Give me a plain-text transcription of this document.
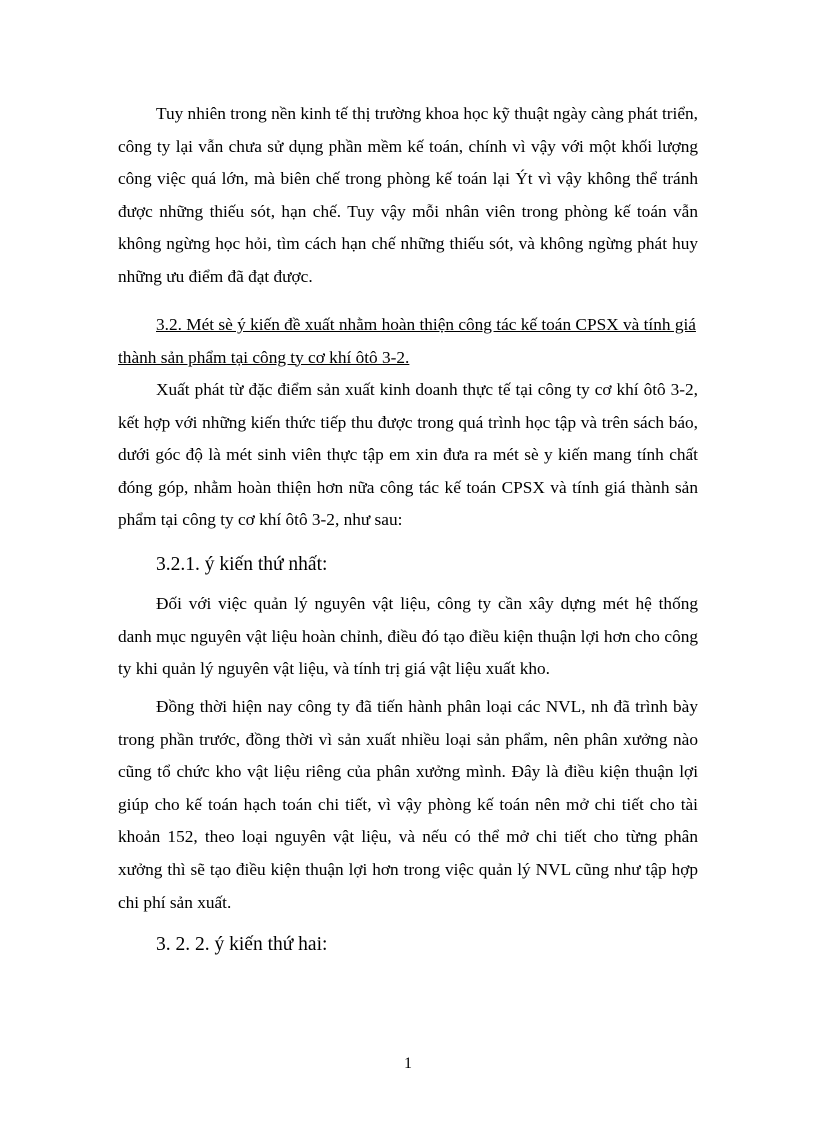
Tuy nhiên trong nền kinh tế thị trường khoa học kỹ thuật ngày càng phát triển, công ty lại vẫn chưa sử dụng phần mềm kế toán, chính vì vậy với một khối lượng công việc quá lớn, mà biên chế trong phòng kế toán lại Ýt vì vậy không thể tránh được những thiếu sót, hạn chế. Tuy vậy mỗi nhân viên trong phòng kế toán vẫn không ngừng học hỏi, tìm cách hạn chế những thiếu sót, và không ngừng phát huy những ưu điểm đã đạt được.

3.2. Mét sè ý kiến đề xuất nhằm hoàn thiện công tác kế toán CPSX và tính giá thành sản phẩm tại công ty cơ khí ôtô 3-2.

Xuất phát từ đặc điểm sản xuất kinh doanh thực tế tại công ty cơ khí ôtô 3-2, kết hợp với những kiến thức tiếp thu được trong quá trình học tập và trên sách báo, dưới góc độ là mét sinh viên thực tập em xin đưa ra mét sè y kiến mang tính chất đóng góp, nhằm hoàn thiện hơn nữa công tác kế toán CPSX và tính giá thành sản phẩm tại công ty cơ khí ôtô 3-2, như sau:

3.2.1. ý kiến thứ nhất:

Đối với việc quản lý nguyên vật liệu, công ty cần xây dựng mét hệ thống danh mục nguyên vật liệu hoàn chỉnh, điều đó tạo điều kiện thuận lợi hơn cho công ty khi quản lý nguyên vật liệu, và tính trị giá vật liệu xuất kho.

Đồng thời hiện nay công ty đã tiến hành phân loại các NVL, nh đã trình bày trong phần trước, đồng thời vì sản xuất nhiều loại sản phẩm, nên phân xưởng nào cũng tổ chức kho vật liệu riêng của phân xưởng mình. Đây là điều kiện thuận lợi giúp cho kế toán hạch toán chi tiết, vì vậy phòng kế toán nên mở chi tiết cho tài khoản 152, theo loại nguyên vật liệu, và nếu có thể mở chi tiết cho từng phân xưởng thì sẽ tạo điều kiện thuận lợi hơn trong việc quản lý NVL cũng như tập hợp chi phí sản xuất.

3. 2. 2. ý kiến thứ hai:

1
